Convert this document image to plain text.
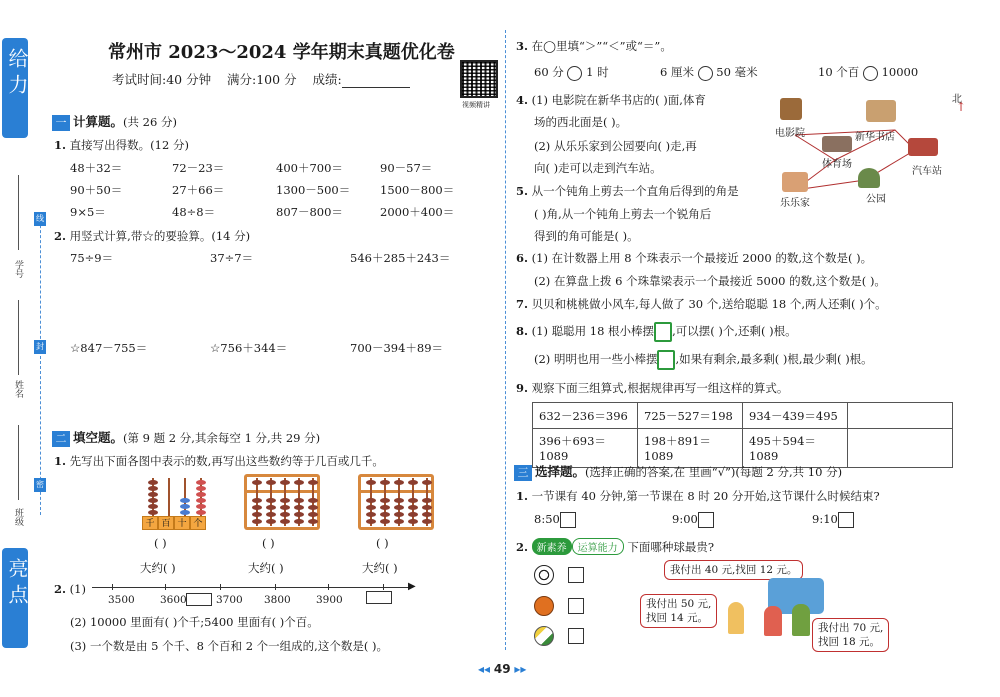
给力
亮点
线
封
密
学号
姓名
班级
常州市 2023～2024 学年期末真题优化卷
考试时间:40 分钟 满分:100 分 成绩:
视频精讲
一 计算题。(共 26 分)
1. 直接写出得数。(12 分)
48＋32＝	72－23＝	400＋700＝	90－57＝
90＋50＝	27＋66＝	1300－500＝	1500－800＝
9×5＝	48÷8＝	807－800＝	2000＋400＝
2. 用竖式计算,带☆的要验算。(14 分)
75÷9＝	37÷7＝	546＋285＋243＝
☆847－755＝	☆756＋344＝	700－394＋89＝
二 填空题。(第 9 题 2 分,其余每空 1 分,共 29 分)
1. 先写出下面各图中表示的数,再写出这些数约等于几百或几千。
千 百 十 个
( )	( )	( )
大约( )	大约( )	大约( )
2. (1)	▶
3500 3600	3700 3800 3900
(2) 10000 里面有( )个千;5400 里面有( )个百。
(3) 一个数是由 5 个千、8 个百和 2 个一组成的,这个数是( )。
3. 在◯里填“＞”“＜”或“＝”。
60 分 1 时	6 厘米 50 毫米	10 个百 10000
4. (1) 电影院在新华书店的( )面,体育
场的西北面是( )。
(2) 从乐乐家到公园要向( )走,再
向( )走可以走到汽车站。
电影院	新华书店
体育场
汽车站
乐乐家	公园
北
↑
5. 从一个钝角上剪去一个直角后得到的角是
( )角,从一个钝角上剪去一个锐角后
得到的角可能是( )。
6. (1) 在计数器上用 8 个珠表示一个最接近 2000 的数,这个数是( )。
(2) 在算盘上拨 6 个珠靠梁表示一个最接近 5000 的数,这个数是( )。
7. 贝贝和桃桃做小风车,每人做了 30 个,送给聪聪 18 个,两人还剩( )个。
8. (1) 聪聪用 18 根小棒摆 ,可以摆( )个,还剩( )根。
(2) 明明也用一些小棒摆 ,如果有剩余,最多剩( )根,最少剩( )根。
9. 观察下面三组算式,根据规律再写一组这样的算式。
632－236＝396	725－527＝198	934－439＝495	
396＋693＝1089	198＋891＝1089	495＋594＝1089	
三 选择题。(选择正确的答案,在 里画“√”)(每题 2 分,共 10 分)
1. 一节课有 40 分钟,第一节课在 8 时 20 分开始,这节课什么时候结束?
8:50	9:00	9:10
2. 新素养 运算能力 下面哪种球最贵?
我付出 40 元,找回 12 元。
我付出 50 元,
找回 14 元。
我付出 70 元,
找回 18 元。
◂◂ 49 ▸▸
